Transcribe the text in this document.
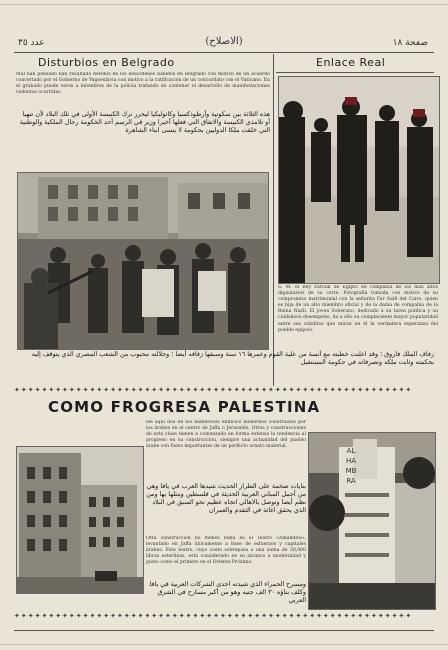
عدد ٣٥	(الاصلاح)	صفحة ١٨
Disturbios en Belgrado
Mal han pensado han resultado heridos en los desórdenes habidos en Belgrado con motivo de un acuerdo concertado por el Gobierno de Yugoeslavia con motivo a la ratificación de un concordato con el Vaticano. En el grabado puede verse a miembros de la policía tratando de contener el desarrollo de manifestaciones violentas ocurridas
هذه الثلاثة بين سكوتية وأرطوذكسيا وكاثوليكيا ليحرر ترك الكنيسة الأولى في تلك البلاد لأن تنهيا أو تلامذي الكنيسة والاتفاق التي فعلها أخيرا وزير في الرسم أحد الحكومة رجال الملكية والوطنية التي خلقت ملكا الدوليين بحكومة لا ينسى ابناء الشاهرة
Enlace Real
S. M. el Rey Farouk de Egipto en compañía de los más altos dignatarios de su corte. Fotografía tomada con motivo de su compromiso matrimonial con la señorita Far Sulfi del Cairo, quien es hija de un alto miembro oficial y de la dama de compañía de la Reina Nazli. El joven Soberano, dedicado a su tarea política y su cuidadoso desempeño, da a ello su complaciente mayor popularidad entre sus súbditos que miran en él la verdadera esperanza del pueblo egipcio.
زفاف الملك فاروق ؛ وقد اعلنت خطبته مع آنسة من علية القوم وعمرها ١٦ سنة وسبقها زفافه أيضا ؛ وجلالته محبوب من الشعب المصري الذي يتوقف إليه بحكمته وثابت ملكه وتصرفاته في حكومة المستقبل
✦✦✦✦✦✦✦✦✦✦✦✦✦✦✦✦✦✦✦✦✦✦✦✦✦✦✦✦✦✦✦✦✦✦✦✦✦✦✦✦✦✦✦✦✦✦✦✦✦✦✦✦✦✦✦✦✦✦
COMO FROGRESA PALESTINA
He aquí dos de los numerosos edificios modernos construídos por los árabes en el centro de Jaffa o Jerusalén. Otros y construcciones de esta clase tienen a comenzado en forma extensa la tendencia al progreso en su construcción, siempre una actualidad del pueblo árabe con fuera importantes de un perfecto ornato material.
بنايات ضخمة على الطراز الحديث شيدها العرب في يافا وهي من أجمل المباني العربية الحديثة في فلسطين ومثلها بها ومن نظم أيضا وتوصل بالاهالي اتجاه عظيم نحو السبق في البلاد الذي يحقق اغاثة في التقدم والعمران
ALHAMBRA
Otra construcción no menos bella es el Teatro «Alhambra», levantado en Jaffa únicamente a base de esfuerzos y capitales árabes. Este teatro, cuyo costo sobrepasa a una suma de 30,000 libras esterlinas, está considerado en su alcance a modernidad y gusto como el primero en el Oriente Próximo.
ومسرح الحمراء الذي شيدته احدى الشركات العربية في يافا وكلف بناؤه ٣٠ الف جنيه وهو من أكبر مسارح في الشرق العربي
✦✦✦✦✦✦✦✦✦✦✦✦✦✦✦✦✦✦✦✦✦✦✦✦✦✦✦✦✦✦✦✦✦✦✦✦✦✦✦✦✦✦✦✦✦✦✦✦✦✦✦✦✦✦✦✦✦✦
